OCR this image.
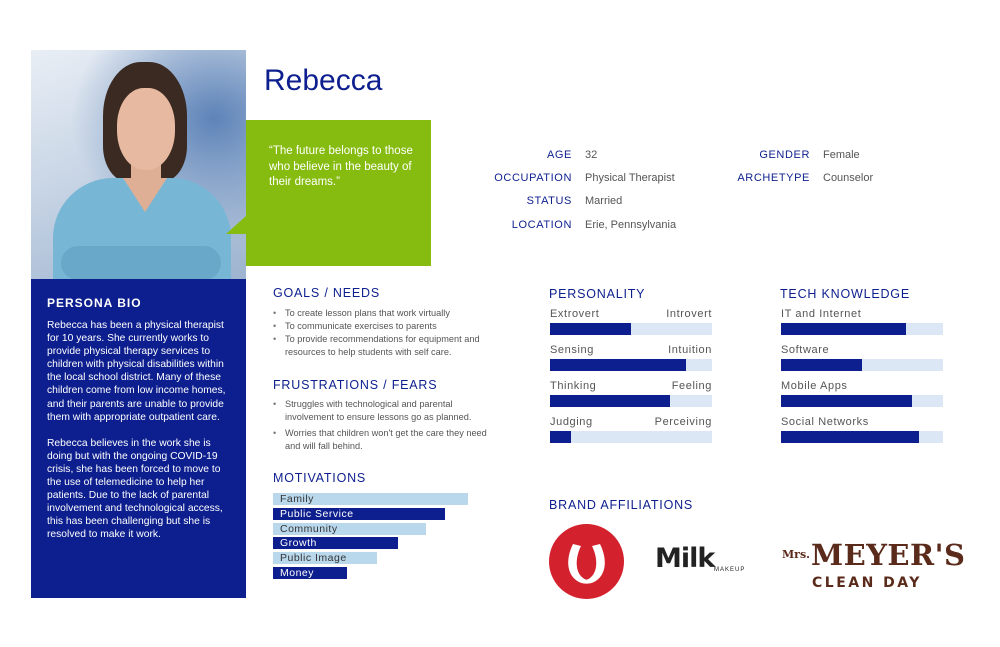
PERSONA BIO

Rebecca has been a physical therapist for 10 years. She currently works to provide physical therapy services to children with physical disabilities within the local school district. Many of these children come from low income homes, and their parents are unable to provide them with appropriate outpatient care.

Rebecca believes in the work she is doing but with the ongoing COVID-19 crisis, she has been forced to move to the use of telemedicine to help her patients. Due to the lack of parental involvement and technological access, this has been challenging but she is resolved to make it work.

Rebecca
“The future belongs to those who believe in the beauty of their dreams.”
AGE 32
OCCUPATION Physical Therapist
STATUS Married
LOCATION Erie, Pennsylvania
GENDER Female
ARCHETYPE Counselor
GOALS / NEEDS
• To create lesson plans that work virtually
• To communicate exercises to parents
• To provide recommendations for equipment and resources to help students with self care.
FRUSTRATIONS / FEARS
• Struggles with technological and parental involvement to ensure lessons go as planned.
• Worries that children won't get the care they need and will fall behind.
MOTIVATIONS
Family
Public Service
Community
Growth
Public Image
Money
PERSONALITY
Extrovert	Introvert
Sensing	Intuition
Thinking	Feeling
Judging	Perceiving
TECH KNOWLEDGE
IT and Internet
Software
Mobile Apps
Social Networks
BRAND AFFILIATIONS
Milk MAKEUP
Mrs. MEYER'S
CLEAN DAY
